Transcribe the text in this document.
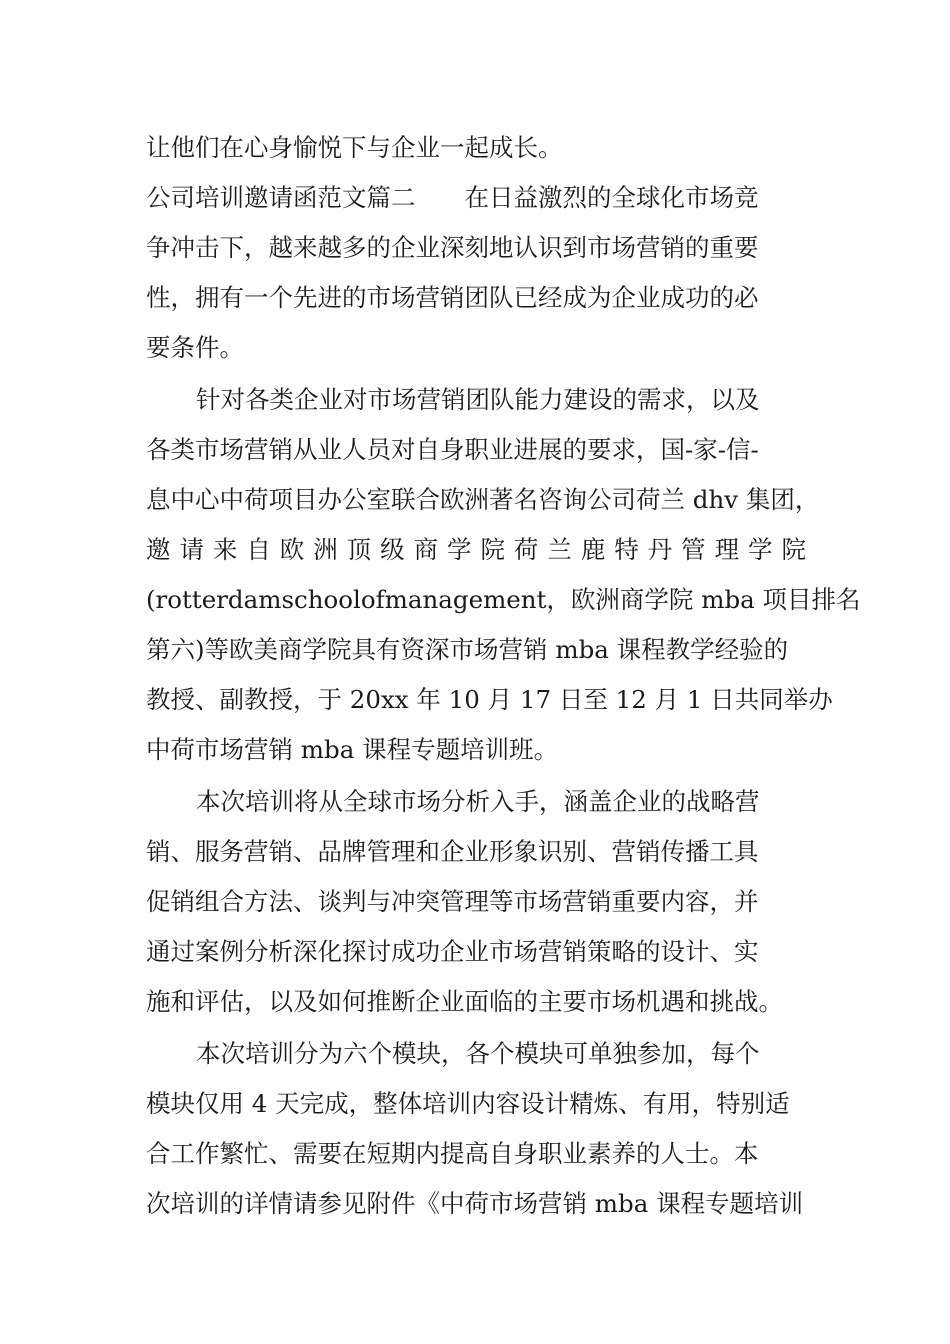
让他们在心身愉悦下与企业一起成长。
公司培训邀请函范文篇二　　在日益激烈的全球化市场竞
争冲击下，越来越多的企业深刻地认识到市场营销的重要
性，拥有一个先进的市场营销团队已经成为企业成功的必
要条件。
针对各类企业对市场营销团队能力建设的需求，以及
各类市场营销从业人员对自身职业进展的要求，国-家-信-
息中心中荷项目办公室联合欧洲著名咨询公司荷兰 dhv 集团，
邀请来自欧洲顶级商学院荷兰鹿特丹管理学院
(rotterdamschoolofmanagement，欧洲商学院 mba 项目排名
第六)等欧美商学院具有资深市场营销 mba 课程教学经验的
教授、副教授，于 20xx 年 10 月 17 日至 12 月 1 日共同举办
中荷市场营销 mba 课程专题培训班。
本次培训将从全球市场分析入手，涵盖企业的战略营
销、服务营销、品牌管理和企业形象识别、营销传播工具
促销组合方法、谈判与冲突管理等市场营销重要内容，并
通过案例分析深化探讨成功企业市场营销策略的设计、实
施和评估，以及如何推断企业面临的主要市场机遇和挑战。
本次培训分为六个模块，各个模块可单独参加，每个
模块仅用 4 天完成，整体培训内容设计精炼、有用，特别适
合工作繁忙、需要在短期内提高自身职业素养的人士。本
次培训的详情请参见附件《中荷市场营销 mba 课程专题培训
